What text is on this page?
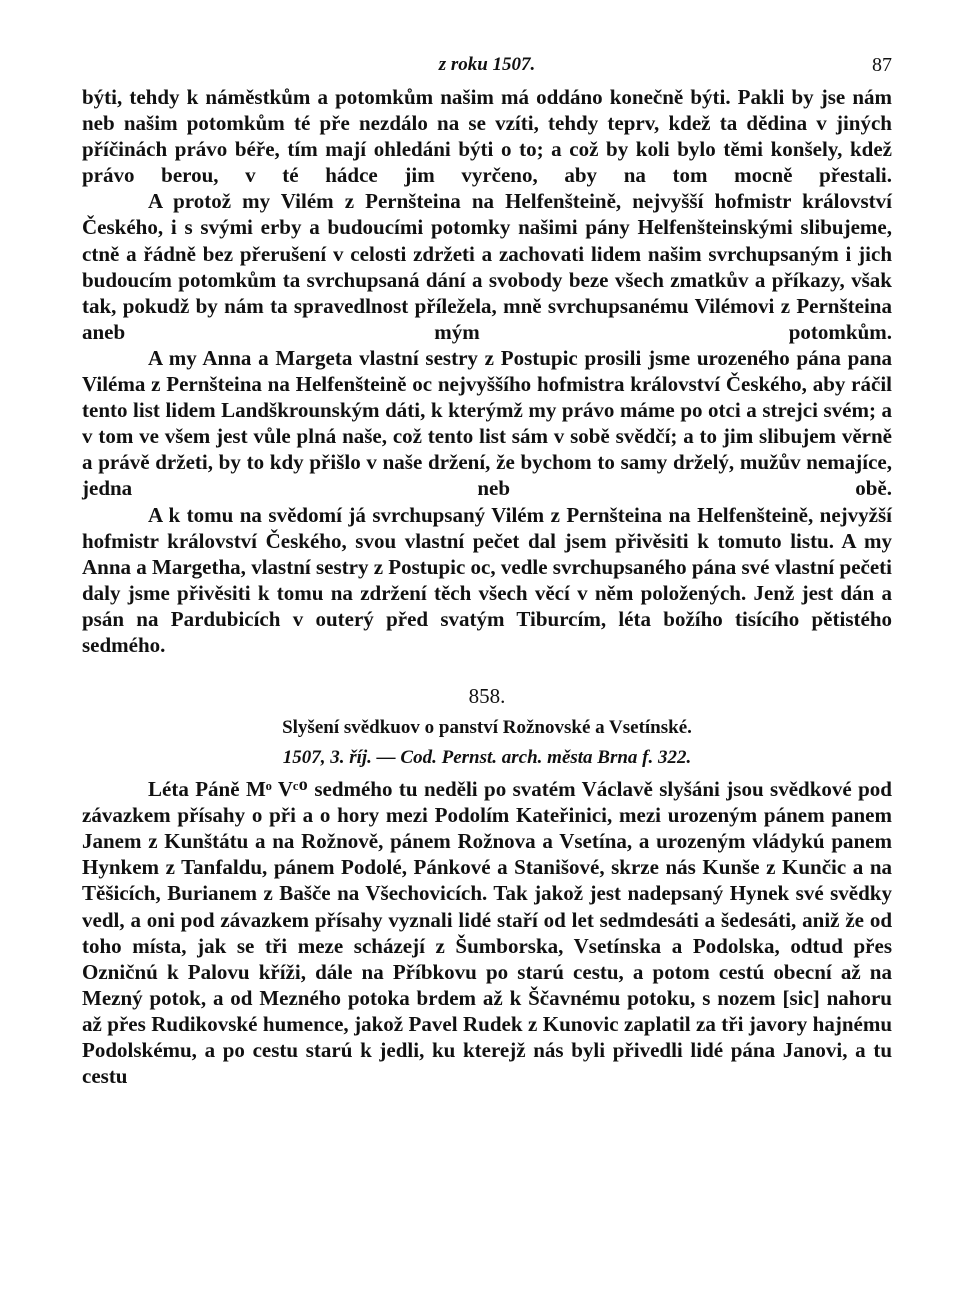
z roku 1507.	87

býti, tehdy k náměstkům a potomkům našim má oddáno konečně býti. Pakli by jse nám neb našim potomkům té pře nezdálo na se vzíti, tehdy teprv, kdež ta dědina v jiných příčinách právo béře, tím mají ohledáni býti o to; a což by koli bylo těmi konšely, kdež právo berou, v té hádce jim vyrčeno, aby na tom mocně přestali.

A protož my Vilém z Pernšteina na Helfenšteině, nejvyšší hofmistr království Českého, i s svými erby a budoucími potomky našimi pány Helfenšteinskými slibujeme, ctně a řádně bez přerušení v celosti zdržeti a zachovati lidem našim svrchupsaným i jich budoucím potomkům ta svrchupsaná dání a svobody beze všech zmatkův a příkazy, však tak, pokudž by nám ta spravedlnost příležela, mně svrchupsanému Vilémovi z Pernšteina aneb mým potomkům.

A my Anna a Margeta vlastní sestry z Postupic prosili jsme urozeného pána pana Viléma z Pernšteina na Helfenšteině oc nejvyššího hofmistra království Českého, aby ráčil tento list lidem Landškrounským dáti, k kterýmž my právo máme po otci a strejci svém; a v tom ve všem jest vůle plná naše, což tento list sám v sobě svědčí; a to jim slibujem věrně a právě držeti, by to kdy přišlo v naše držení, že bychom to samy drželý, mužův nemajíce, jedna neb obě.

A k tomu na svědomí já svrchupsaný Vilém z Pernšteina na Helfenšteině, nejvyžší hofmistr království Českého, svou vlastní pečet dal jsem přivěsiti k tomuto listu. A my Anna a Margetha, vlastní sestry z Postupic oc, vedle svrchupsaného pána své vlastní pečeti daly jsme přivěsiti k tomu na zdržení těch všech věcí v něm položených. Jenž jest dán a psán na Pardubicích v outerý před svatým Tiburcím, léta božího tisícího pětistého sedmého.

858.
Slyšení svědkuov o panství Rožnovské a Vsetínské.
1507, 3. říj. — Cod. Pernst. arch. města Brna f. 322.

Léta Páně Mᵒ Vᶜᴼ sedmého tu neděli po svatém Václavě slyšáni jsou svědkové pod závazkem přísahy o při a o hory mezi Podolím Kateřinici, mezi urozeným pánem panem Janem z Kunštátu a na Rožnově, pánem Rožnova a Vsetína, a urozeným vládykú panem Hynkem z Tanfaldu, pánem Podolé, Pánkové a Stanišové, skrze nás Kunše z Kunčic a na Těšicích, Burianem z Bašče na Všechovicích. Tak jakož jest nadepsaný Hynek své svědky vedl, a oni pod závazkem přísahy vyznali lidé staří od let sedmdesáti a šedesáti, aniž že od toho místa, jak se tři meze scházejí z Šumborska, Vsetínska a Podolska, odtud přes Ozničnú k Palovu kříži, dále na Příbkovu po starú cestu, a potom cestú obecní až na Mezný potok, a od Mezného potoka brdem až k Ščavnému potoku, s nozem [sic] nahoru až přes Rudikovské humence, jakož Pavel Rudek z Kunovic zaplatil za tři javory hajnému Podolskému, a po cestu starú k jedli, ku kterejž nás byli přivedli lidé pána Janovi, a tu cestu
